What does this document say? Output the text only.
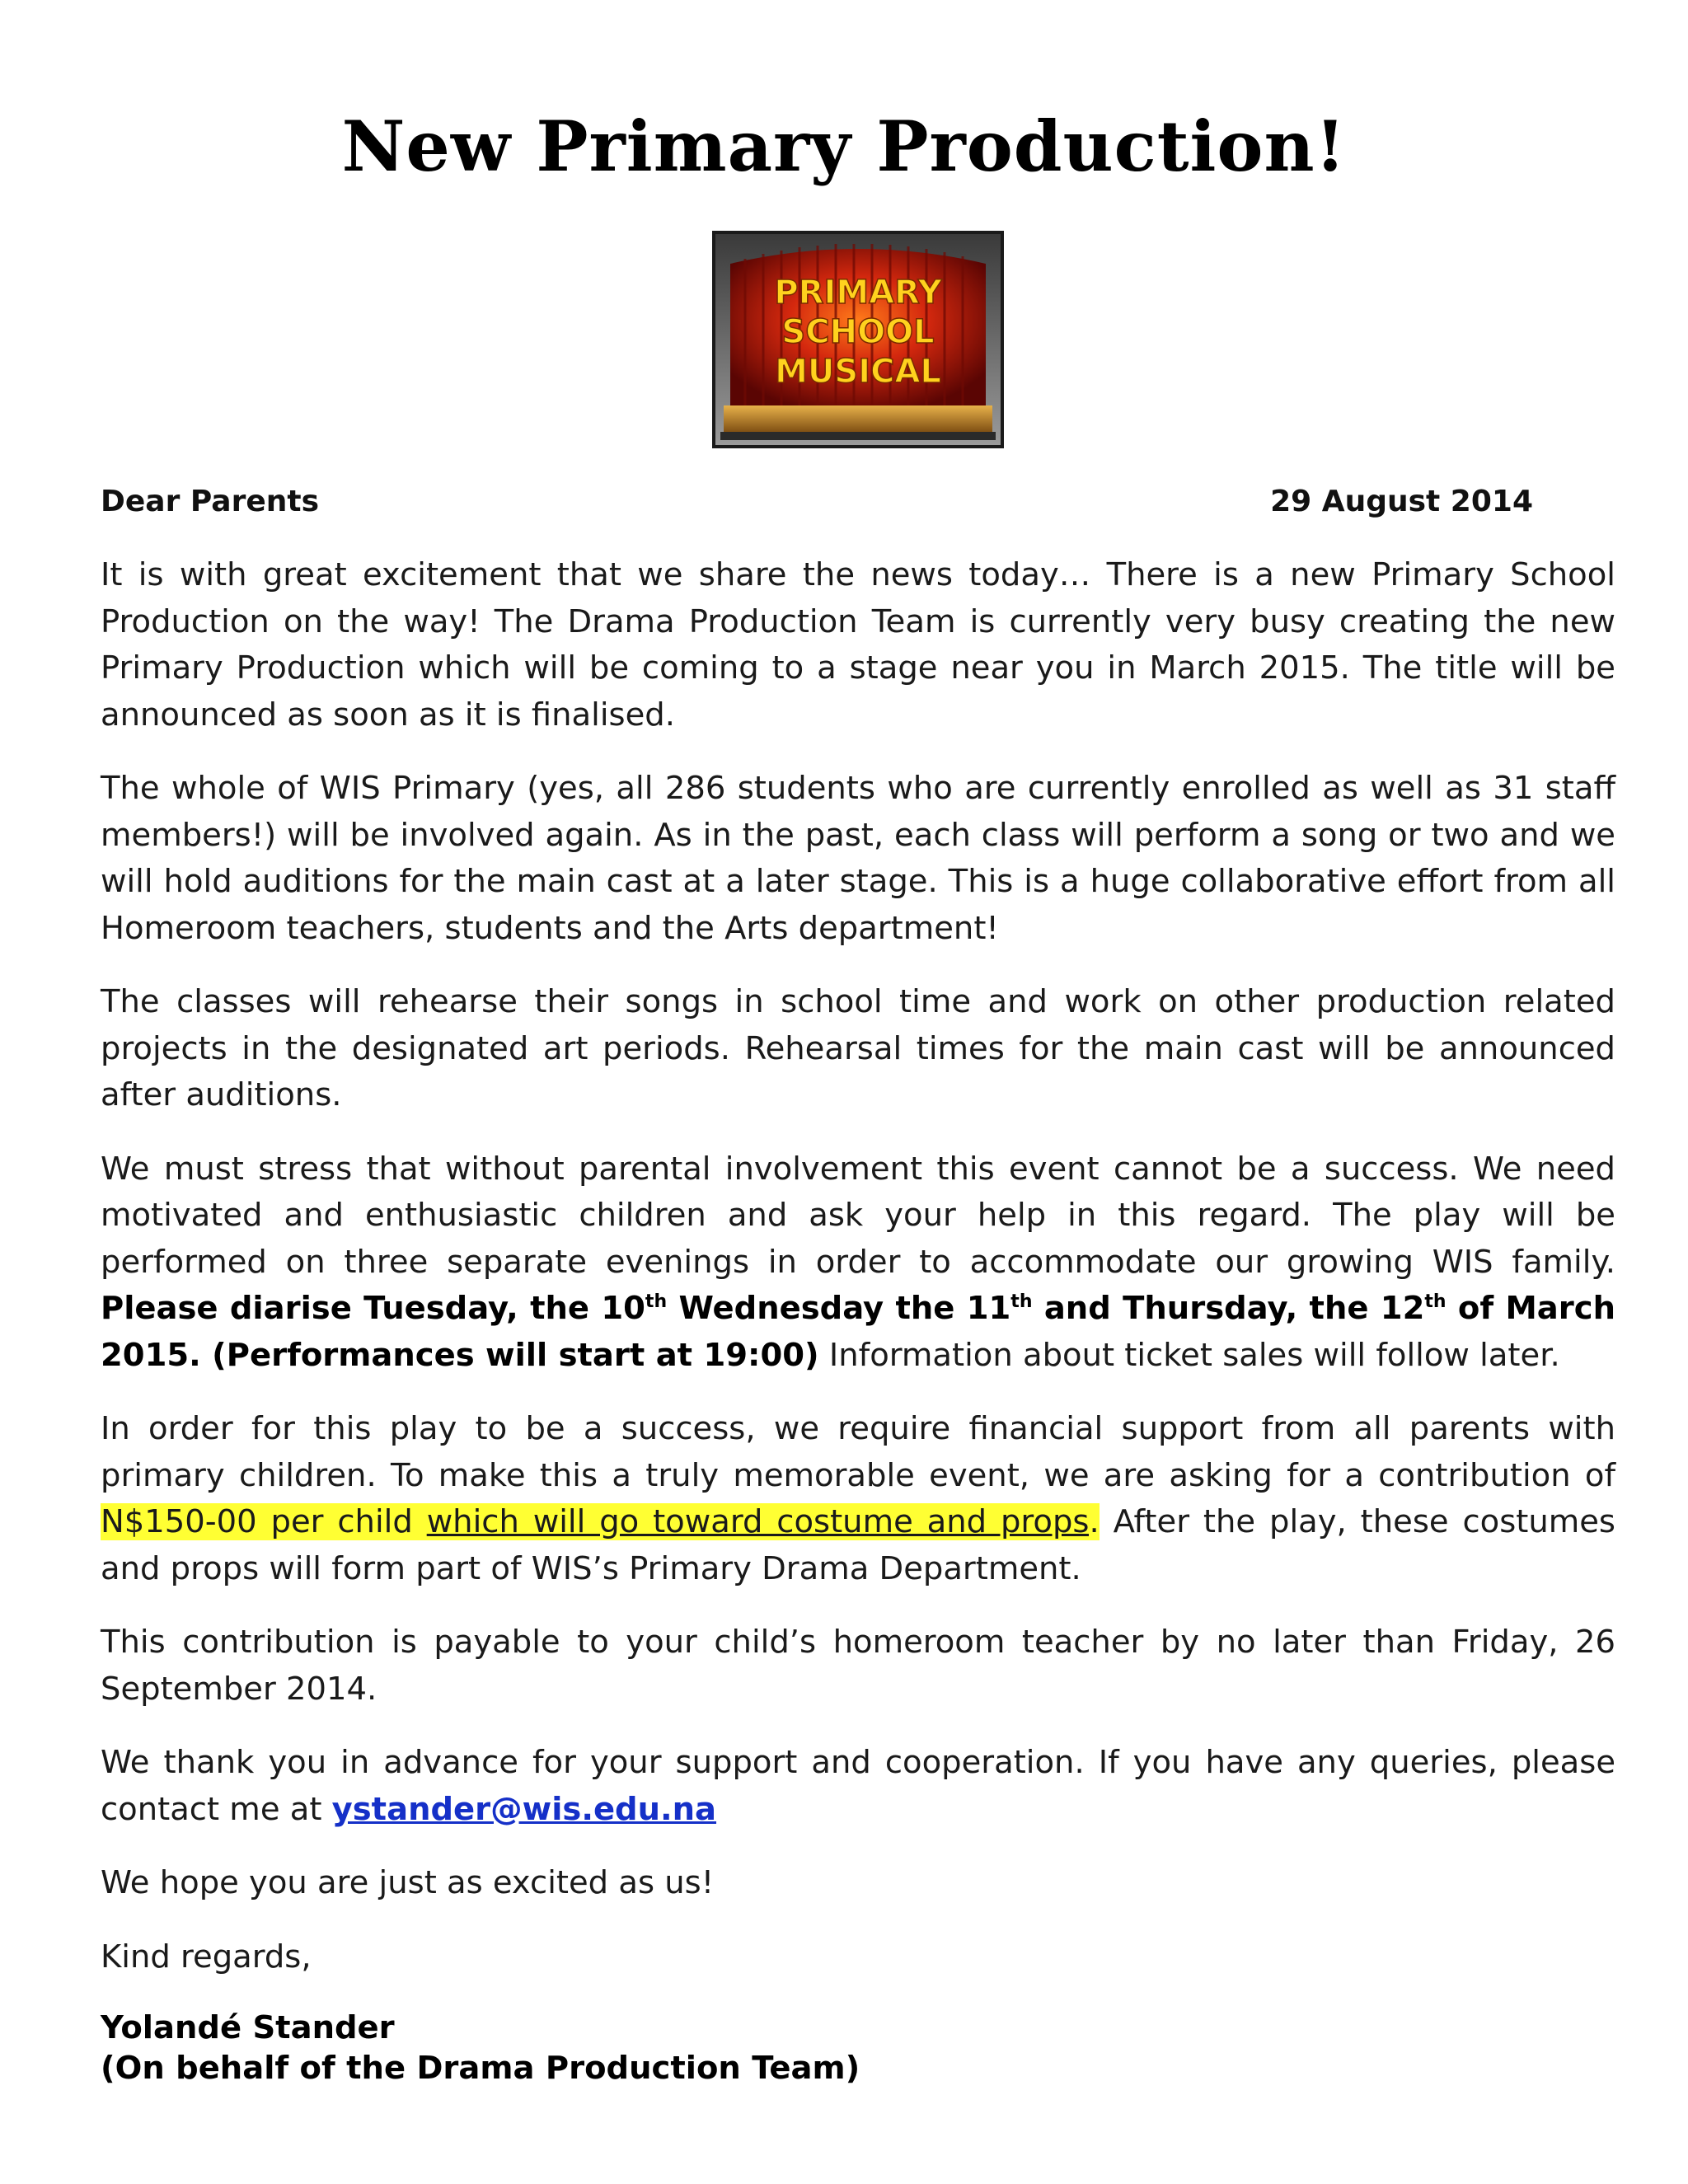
New Primary Production!
PRIMARY
SCHOOL
MUSICAL
Dear Parents	29 August 2014

It is with great excitement that we share the news today… There is a new Primary School Production on the way! The Drama Production Team is currently very busy creating the new Primary Production which will be coming to a stage near you in March 2015. The title will be announced as soon as it is finalised.

The whole of WIS Primary (yes, all 286 students who are currently enrolled as well as 31 staff members!) will be involved again. As in the past, each class will perform a song or two and we will hold auditions for the main cast at a later stage. This is a huge collaborative effort from all Homeroom teachers, students and the Arts department!

The classes will rehearse their songs in school time and work on other production related projects in the designated art periods. Rehearsal times for the main cast will be announced after auditions.

We must stress that without parental involvement this event cannot be a success. We need motivated and enthusiastic children and ask your help in this regard. The play will be performed on three separate evenings in order to accommodate our growing WIS family. Please diarise Tuesday, the 10th Wednesday the 11th and Thursday, the 12th of March 2015. (Performances will start at 19:00) Information about ticket sales will follow later.

In order for this play to be a success, we require financial support from all parents with primary children. To make this a truly memorable event, we are asking for a contribution of N$150-00 per child which will go toward costume and props. After the play, these costumes and props will form part of WIS’s Primary Drama Department.

This contribution is payable to your child’s homeroom teacher by no later than Friday, 26 September 2014.

We thank you in advance for your support and cooperation. If you have any queries, please contact me at ystander@wis.edu.na

We hope you are just as excited as us!

Kind regards,

Yolandé Stander
(On behalf of the Drama Production Team)
